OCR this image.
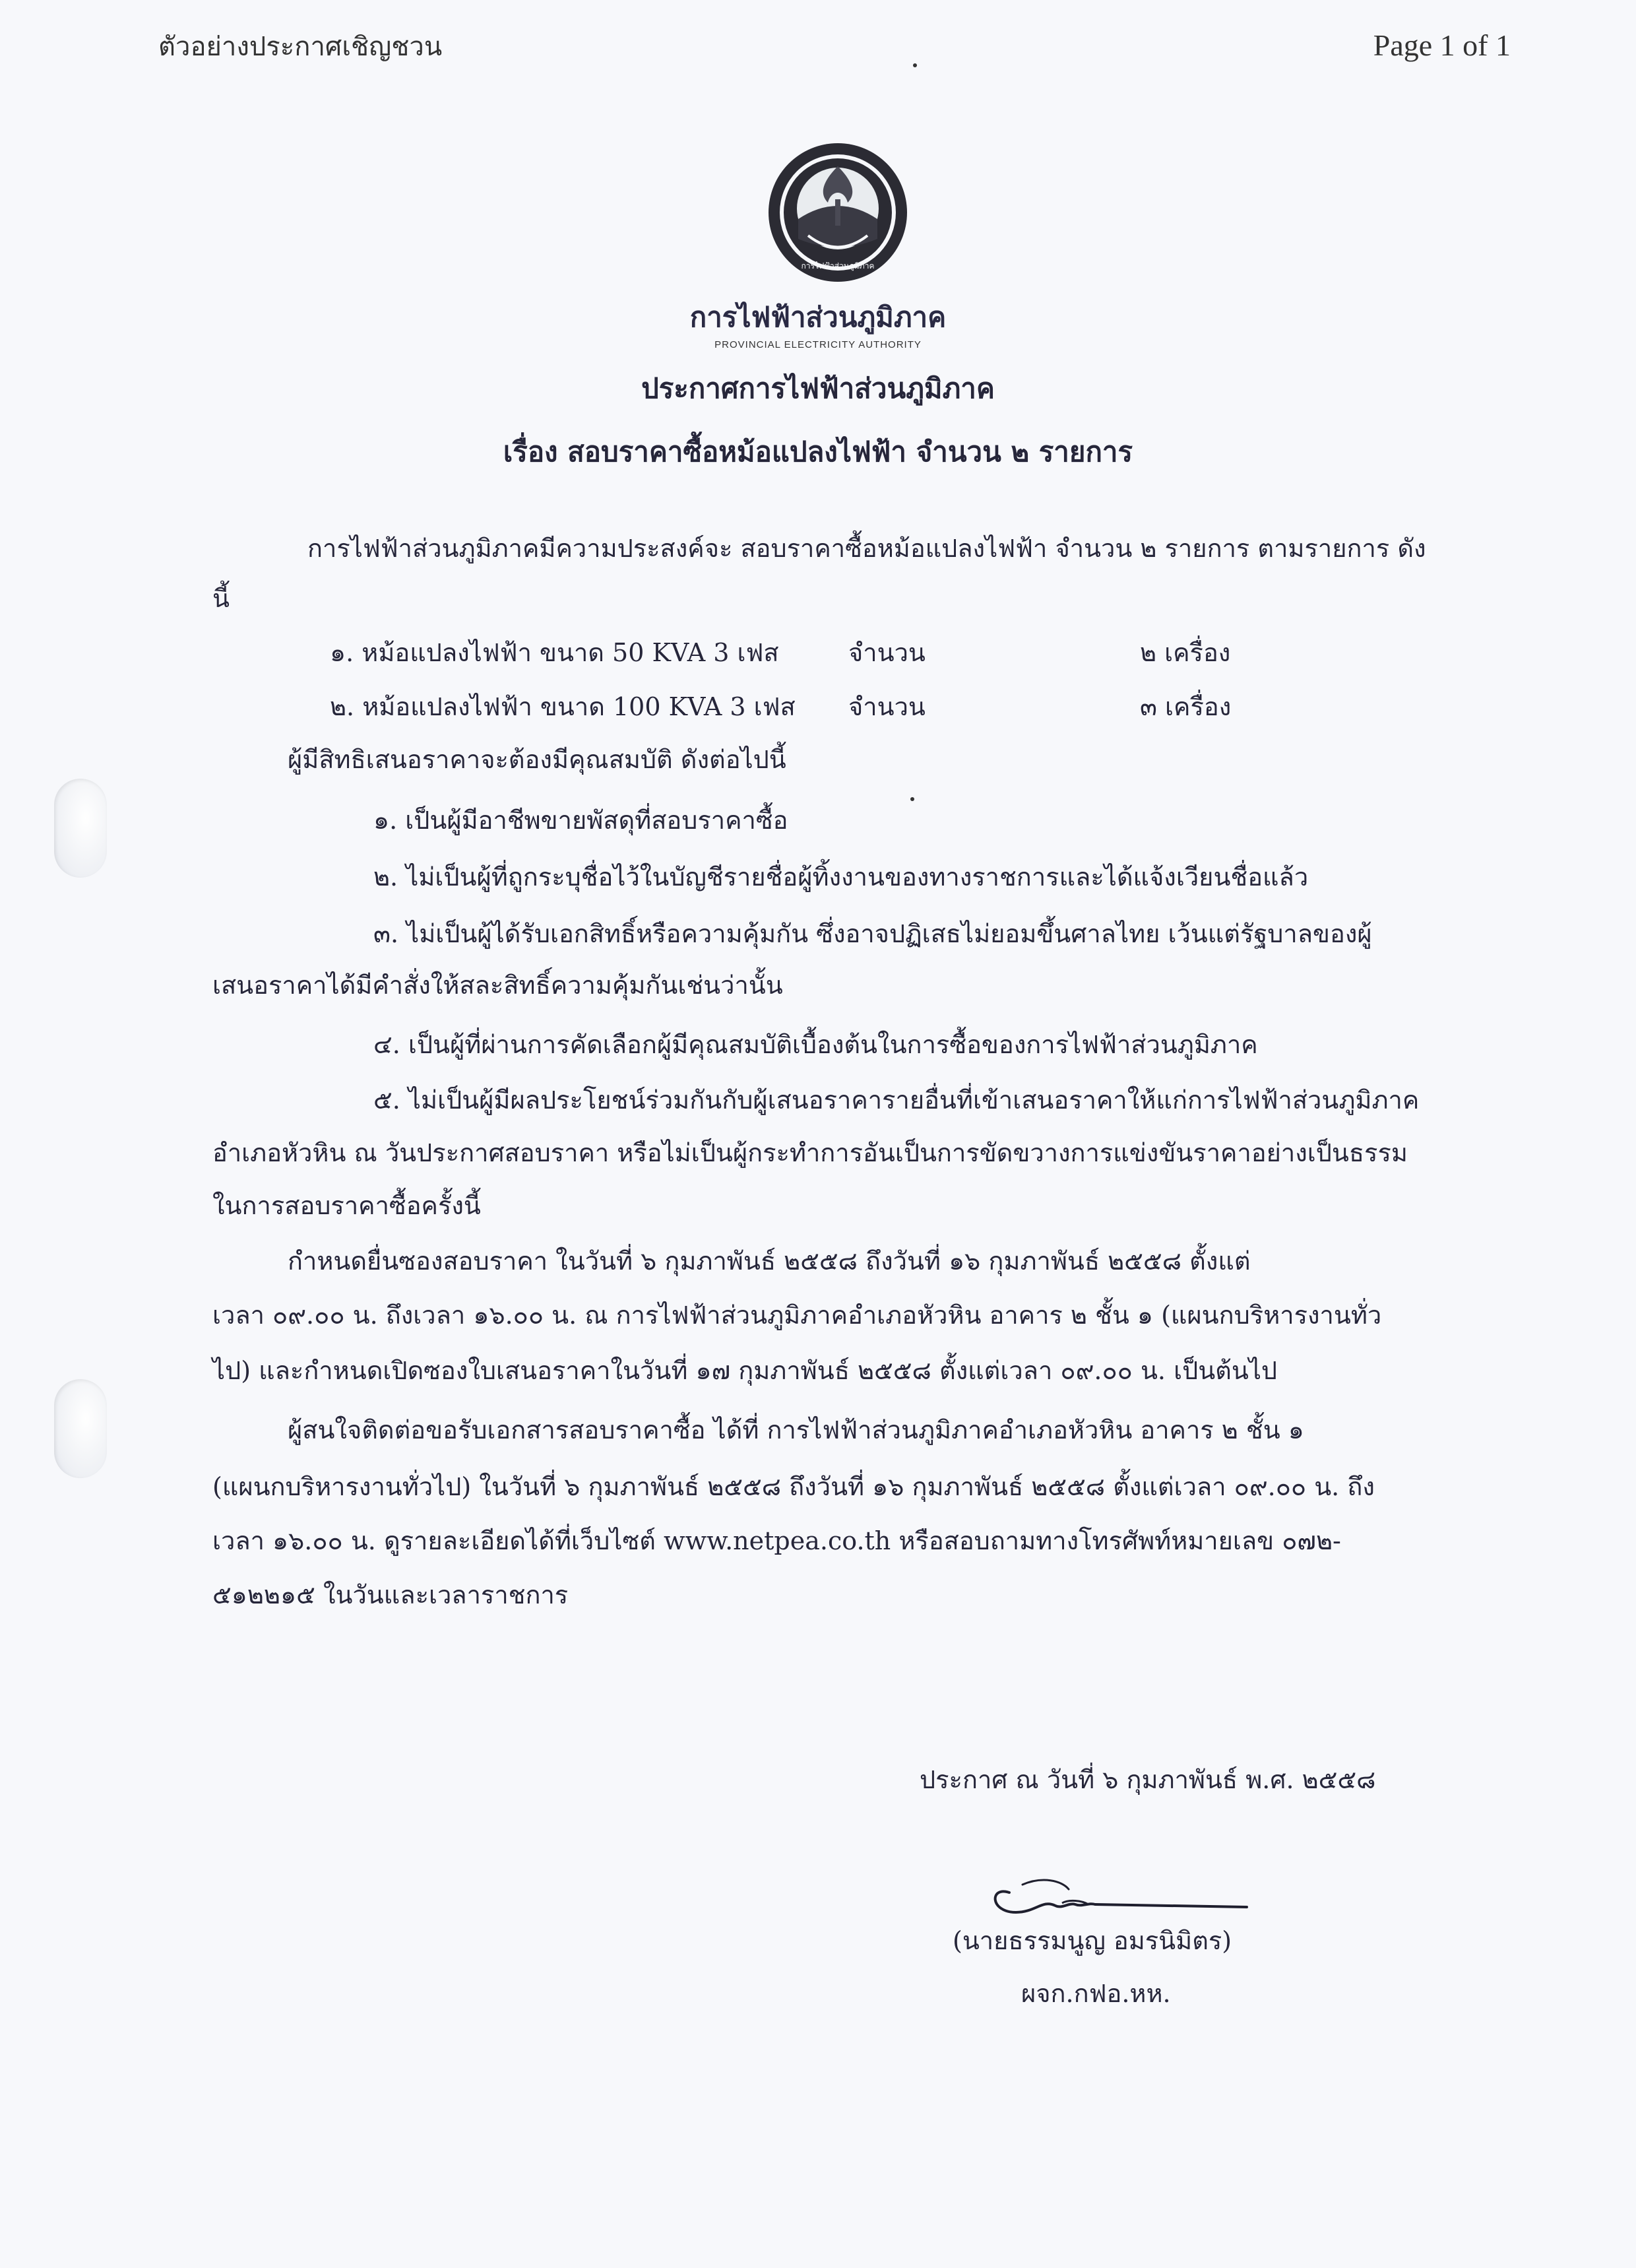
ตัวอย่างประกาศเชิญชวน	Page 1 of 1
การไฟฟ้าส่วนภูมิภาค
การไฟฟ้าส่วนภูมิภาค
PROVINCIAL ELECTRICITY AUTHORITY
ประกาศการไฟฟ้าส่วนภูมิภาค
เรื่อง สอบราคาซื้อหม้อแปลงไฟฟ้า จำนวน ๒ รายการ
การไฟฟ้าส่วนภูมิภาคมีความประสงค์จะ สอบราคาซื้อหม้อแปลงไฟฟ้า จำนวน ๒ รายการ ตามรายการ ดัง
นี้
๑. หม้อแปลงไฟฟ้า ขนาด 50 KVA 3 เฟส	จำนวน	๒ เครื่อง
๒. หม้อแปลงไฟฟ้า ขนาด 100 KVA 3 เฟส จำนวน	๓ เครื่อง
ผู้มีสิทธิเสนอราคาจะต้องมีคุณสมบัติ ดังต่อไปนี้
๑. เป็นผู้มีอาชีพขายพัสดุที่สอบราคาซื้อ
๒. ไม่เป็นผู้ที่ถูกระบุชื่อไว้ในบัญชีรายชื่อผู้ทิ้งงานของทางราชการและได้แจ้งเวียนชื่อแล้ว
๓. ไม่เป็นผู้ได้รับเอกสิทธิ์หรือความคุ้มกัน ซึ่งอาจปฏิเสธไม่ยอมขึ้นศาลไทย เว้นแต่รัฐบาลของผู้
เสนอราคาได้มีคำสั่งให้สละสิทธิ์ความคุ้มกันเช่นว่านั้น
๔. เป็นผู้ที่ผ่านการคัดเลือกผู้มีคุณสมบัติเบื้องต้นในการซื้อของการไฟฟ้าส่วนภูมิภาค
๕. ไม่เป็นผู้มีผลประโยชน์ร่วมกันกับผู้เสนอราคารายอื่นที่เข้าเสนอราคาให้แก่การไฟฟ้าส่วนภูมิภาค
อำเภอหัวหิน ณ วันประกาศสอบราคา หรือไม่เป็นผู้กระทำการอันเป็นการขัดขวางการแข่งขันราคาอย่างเป็นธรรม
ในการสอบราคาซื้อครั้งนี้
กำหนดยื่นซองสอบราคา ในวันที่ ๖ กุมภาพันธ์ ๒๕๕๘ ถึงวันที่ ๑๖ กุมภาพันธ์ ๒๕๕๘ ตั้งแต่
เวลา ๐๙.๐๐ น. ถึงเวลา ๑๖.๐๐ น. ณ การไฟฟ้าส่วนภูมิภาคอำเภอหัวหิน อาคาร ๒ ชั้น ๑ (แผนกบริหารงานทั่ว
ไป) และกำหนดเปิดซองใบเสนอราคาในวันที่ ๑๗ กุมภาพันธ์ ๒๕๕๘ ตั้งแต่เวลา ๐๙.๐๐ น. เป็นต้นไป
ผู้สนใจติดต่อขอรับเอกสารสอบราคาซื้อ ได้ที่ การไฟฟ้าส่วนภูมิภาคอำเภอหัวหิน อาคาร ๒ ชั้น ๑
(แผนกบริหารงานทั่วไป) ในวันที่ ๖ กุมภาพันธ์ ๒๕๕๘ ถึงวันที่ ๑๖ กุมภาพันธ์ ๒๕๕๘ ตั้งแต่เวลา ๐๙.๐๐ น. ถึง
เวลา ๑๖.๐๐ น. ดูรายละเอียดได้ที่เว็บไซต์ www.netpea.co.th หรือสอบถามทางโทรศัพท์หมายเลข ๐๗๒-
๕๑๒๒๑๕ ในวันและเวลาราชการ
ประกาศ ณ วันที่ ๖ กุมภาพันธ์ พ.ศ. ๒๕๕๘
(นายธรรมนูญ อมรนิมิตร)
ผจก.กฟอ.หห.
